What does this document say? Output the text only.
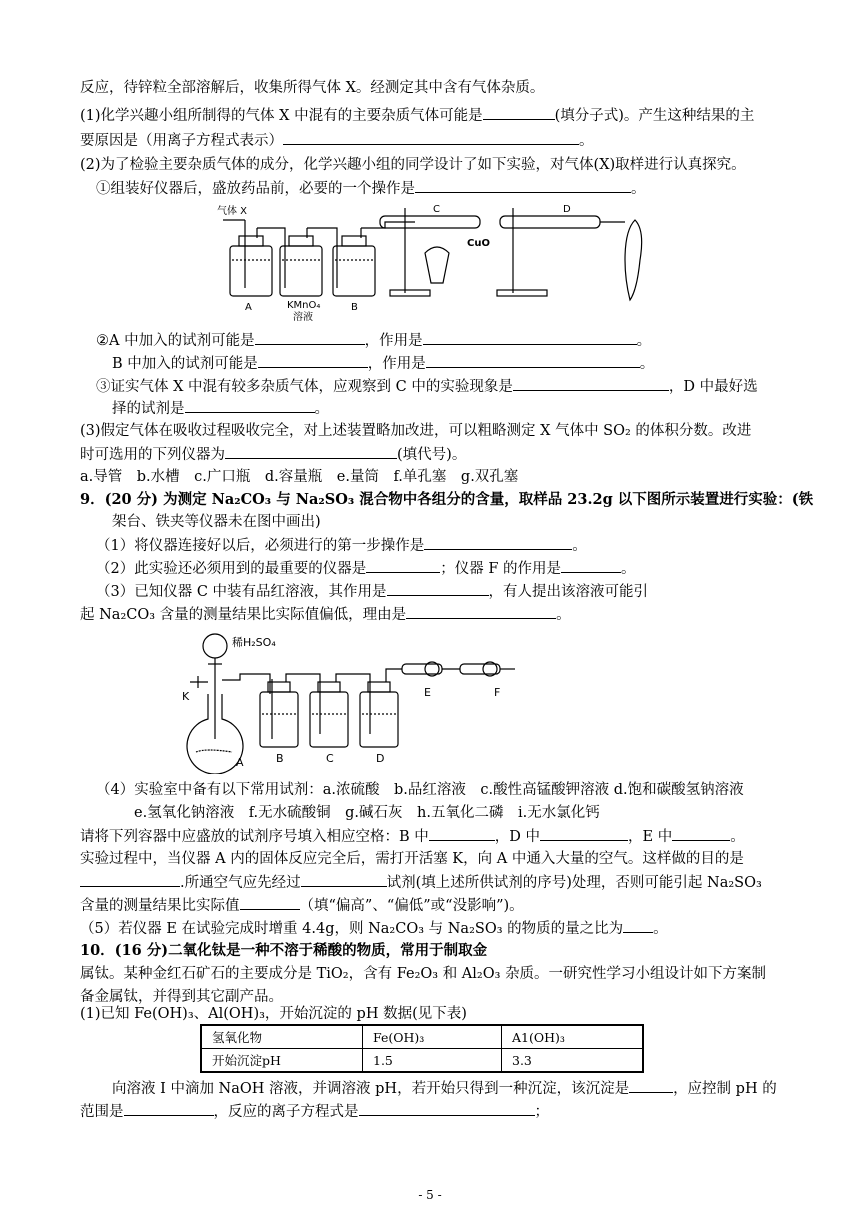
反应，待锌粒全部溶解后，收集所得气体 X。经测定其中含有气体杂质。
(1)化学兴趣小组所制得的气体 X 中混有的主要杂质气体可能是	(填分子式)。产生这种结果的主
要原因是（用离子方程式表示）	。
(2)为了检验主要杂质气体的成分，化学兴趣小组的同学设计了如下实验，对气体(X)取样进行认真探究。
①组装好仪器后，盛放药品前，必要的一个操作是	。
气体 X
A	KMnO₄
溶液
B
C	D
CuO
②A 中加入的试剂可能是	，作用是	。
B 中加入的试剂可能是	，作用是	。
③证实气体 X 中混有较多杂质气体，应观察到 C 中的实验现象是	，D 中最好选
择的试剂是	。
(3)假定气体在吸收过程吸收完全，对上述装置略加改进，可以粗略测定 X 气体中 SO₂ 的体积分数。改进
时可选用的下列仪器为	(填代号)。
a.导管　b.水槽　c.广口瓶　d.容量瓶　e.量筒　f.单孔塞　g.双孔塞
9．(20 分) 为测定 Na₂CO₃ 与 Na₂SO₃ 混合物中各组分的含量，取样品 23.2g 以下图所示装置进行实验：(铁
架台、铁夹等仪器未在图中画出)
（1）将仪器连接好以后，必须进行的第一步操作是	。
（2）此实验还必须用到的最重要的仪器是	；仪器 F 的作用是	。
（3）已知仪器 C 中装有品红溶液，其作用是	，有人提出该溶液可能引
起 Na₂CO₃ 含量的测量结果比实际值偏低，理由是	。
稀H₂SO₄
K
A	B	C	D
E	F
（4）实验室中备有以下常用试剂：a.浓硫酸　b.品红溶液　c.酸性高锰酸钾溶液 d.饱和碳酸氢钠溶液
e.氢氧化钠溶液　f.无水硫酸铜　g.碱石灰　h.五氧化二磷　i.无水氯化钙
请将下列容器中应盛放的试剂序号填入相应空格：B 中	，D 中	，E 中	。
实验过程中，当仪器 A 内的固体反应完全后，需打开活塞 K，向 A 中通入大量的空气。这样做的目的是
.所通空气应先经过	试剂(填上述所供试剂的序号)处理，否则可能引起 Na₂SO₃
含量的测量结果比实际值	（填“偏高”、“偏低”或“没影响”)。
（5）若仪器 E 在试验完成时增重 4.4g，则 Na₂CO₃ 与 Na₂SO₃ 的物质的量之比为 。
10．(16 分)二氧化钛是一种不溶于稀酸的物质，常用于制取金
属钛。某种金红石矿石的主要成分是 TiO₂，含有 Fe₂O₃ 和 Al₂O₃ 杂质。一研究性学习小组设计如下方案制
备金属钛，并得到其它副产品。
(1)已知 Fe(OH)₃、Al(OH)₃，开始沉淀的 pH 数据(见下表)
氢氧化物	Fe(OH)₃	A1(OH)₃
开始沉淀pH	1.5	3.3
向溶液 I 中滴加 NaOH 溶液，并调溶液 pH，若开始只得到一种沉淀，该沉淀是	，应控制 pH 的
范围是	，反应的离子方程式是	；
- 5 -
